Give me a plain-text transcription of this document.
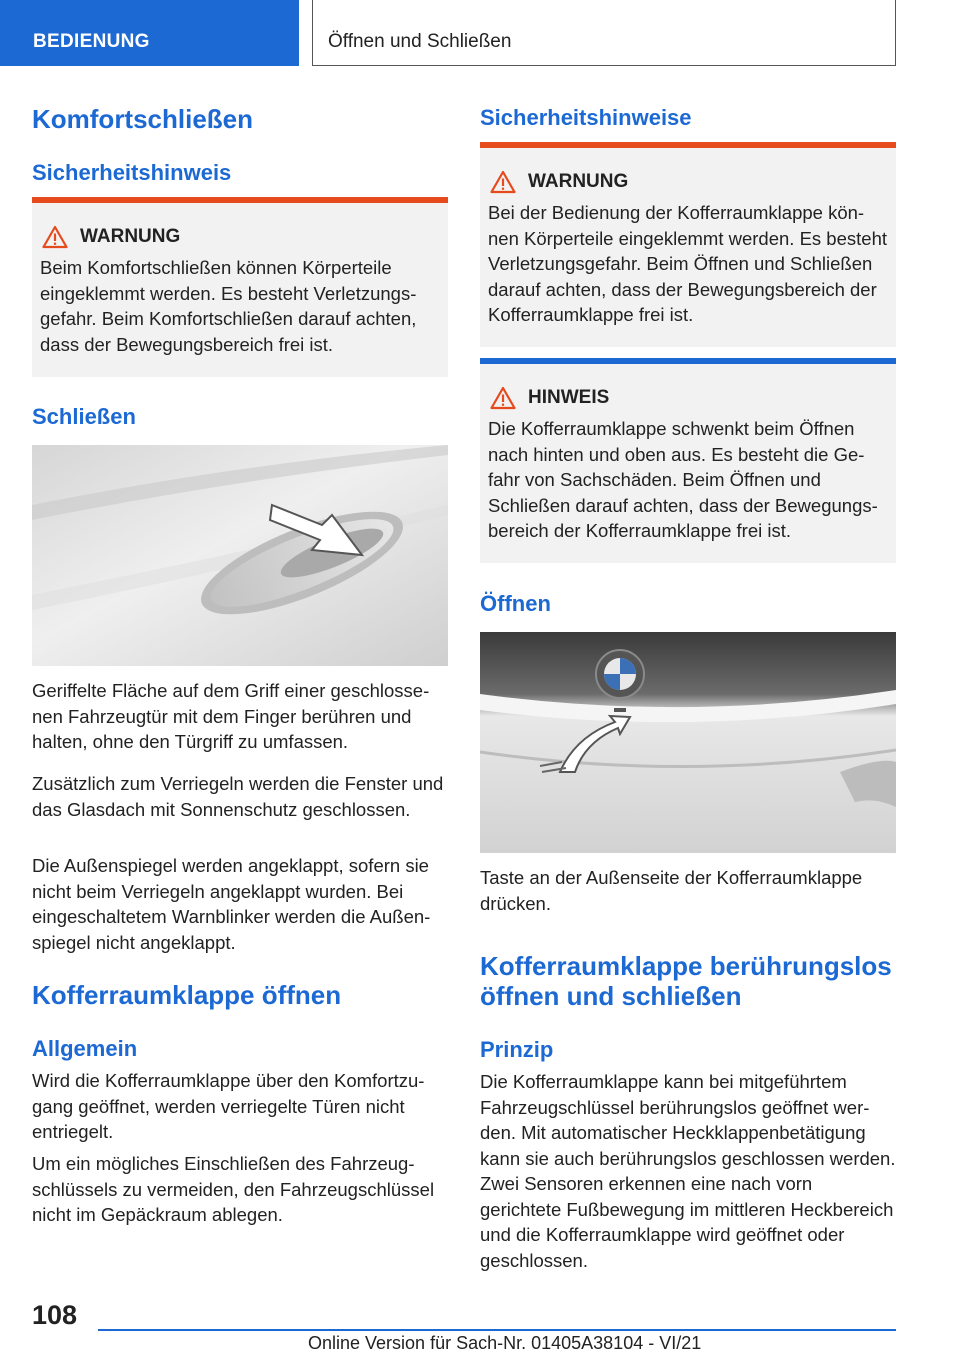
BEDIENUNG	Öffnen und Schließen
Komfortschließen
Sicherheitshinweis
WARNUNG
Beim Komfortschließen können Körperteile eingeklemmt werden. Es besteht Verletzungsgefahr. Beim Komfortschließen darauf achten, dass der Bewegungsbereich frei ist.
Schließen

Geriffelte Fläche auf dem Griff einer geschlossenen Fahrzeugtür mit dem Finger berühren und halten, ohne den Türgriff zu umfassen.

Zusätzlich zum Verriegeln werden die Fenster und das Glasdach mit Sonnenschutz geschlossen.

Die Außenspiegel werden angeklappt, sofern sie nicht beim Verriegeln angeklappt wurden. Bei eingeschaltetem Warnblinker werden die Außenspiegel nicht angeklappt.

Kofferraumklappe öffnen
Allgemein

Wird die Kofferraumklappe über den Komfortzugang geöffnet, werden verriegelte Türen nicht entriegelt.

Um ein mögliches Einschließen des Fahrzeugschlüssels zu vermeiden, den Fahrzeugschlüssel nicht im Gepäckraum ablegen.

Sicherheitshinweise
WARNUNG
Bei der Bedienung der Kofferraumklappe können Körperteile eingeklemmt werden. Es besteht Verletzungsgefahr. Beim Öffnen und Schließen darauf achten, dass der Bewegungsbereich der Kofferraumklappe frei ist.
HINWEIS
Die Kofferraumklappe schwenkt beim Öffnen nach hinten und oben aus. Es besteht die Gefahr von Sachschäden. Beim Öffnen und Schließen darauf achten, dass der Bewegungsbereich der Kofferraumklappe frei ist.
Öffnen

Taste an der Außenseite der Kofferraumklappe drücken.

Kofferraumklappe berührungslos öffnen und schließen
Prinzip

Die Kofferraumklappe kann bei mitgeführtem Fahrzeugschlüssel berührungslos geöffnet werden. Mit automatischer Heckklappenbetätigung kann sie auch berührungslos geschlossen werden. Zwei Sensoren erkennen eine nach vorn gerichtete Fußbewegung im mittleren Heckbereich und die Kofferraumklappe wird geöffnet oder geschlossen.

108
Online Version für Sach-Nr. 01405A38104 - VI/21
